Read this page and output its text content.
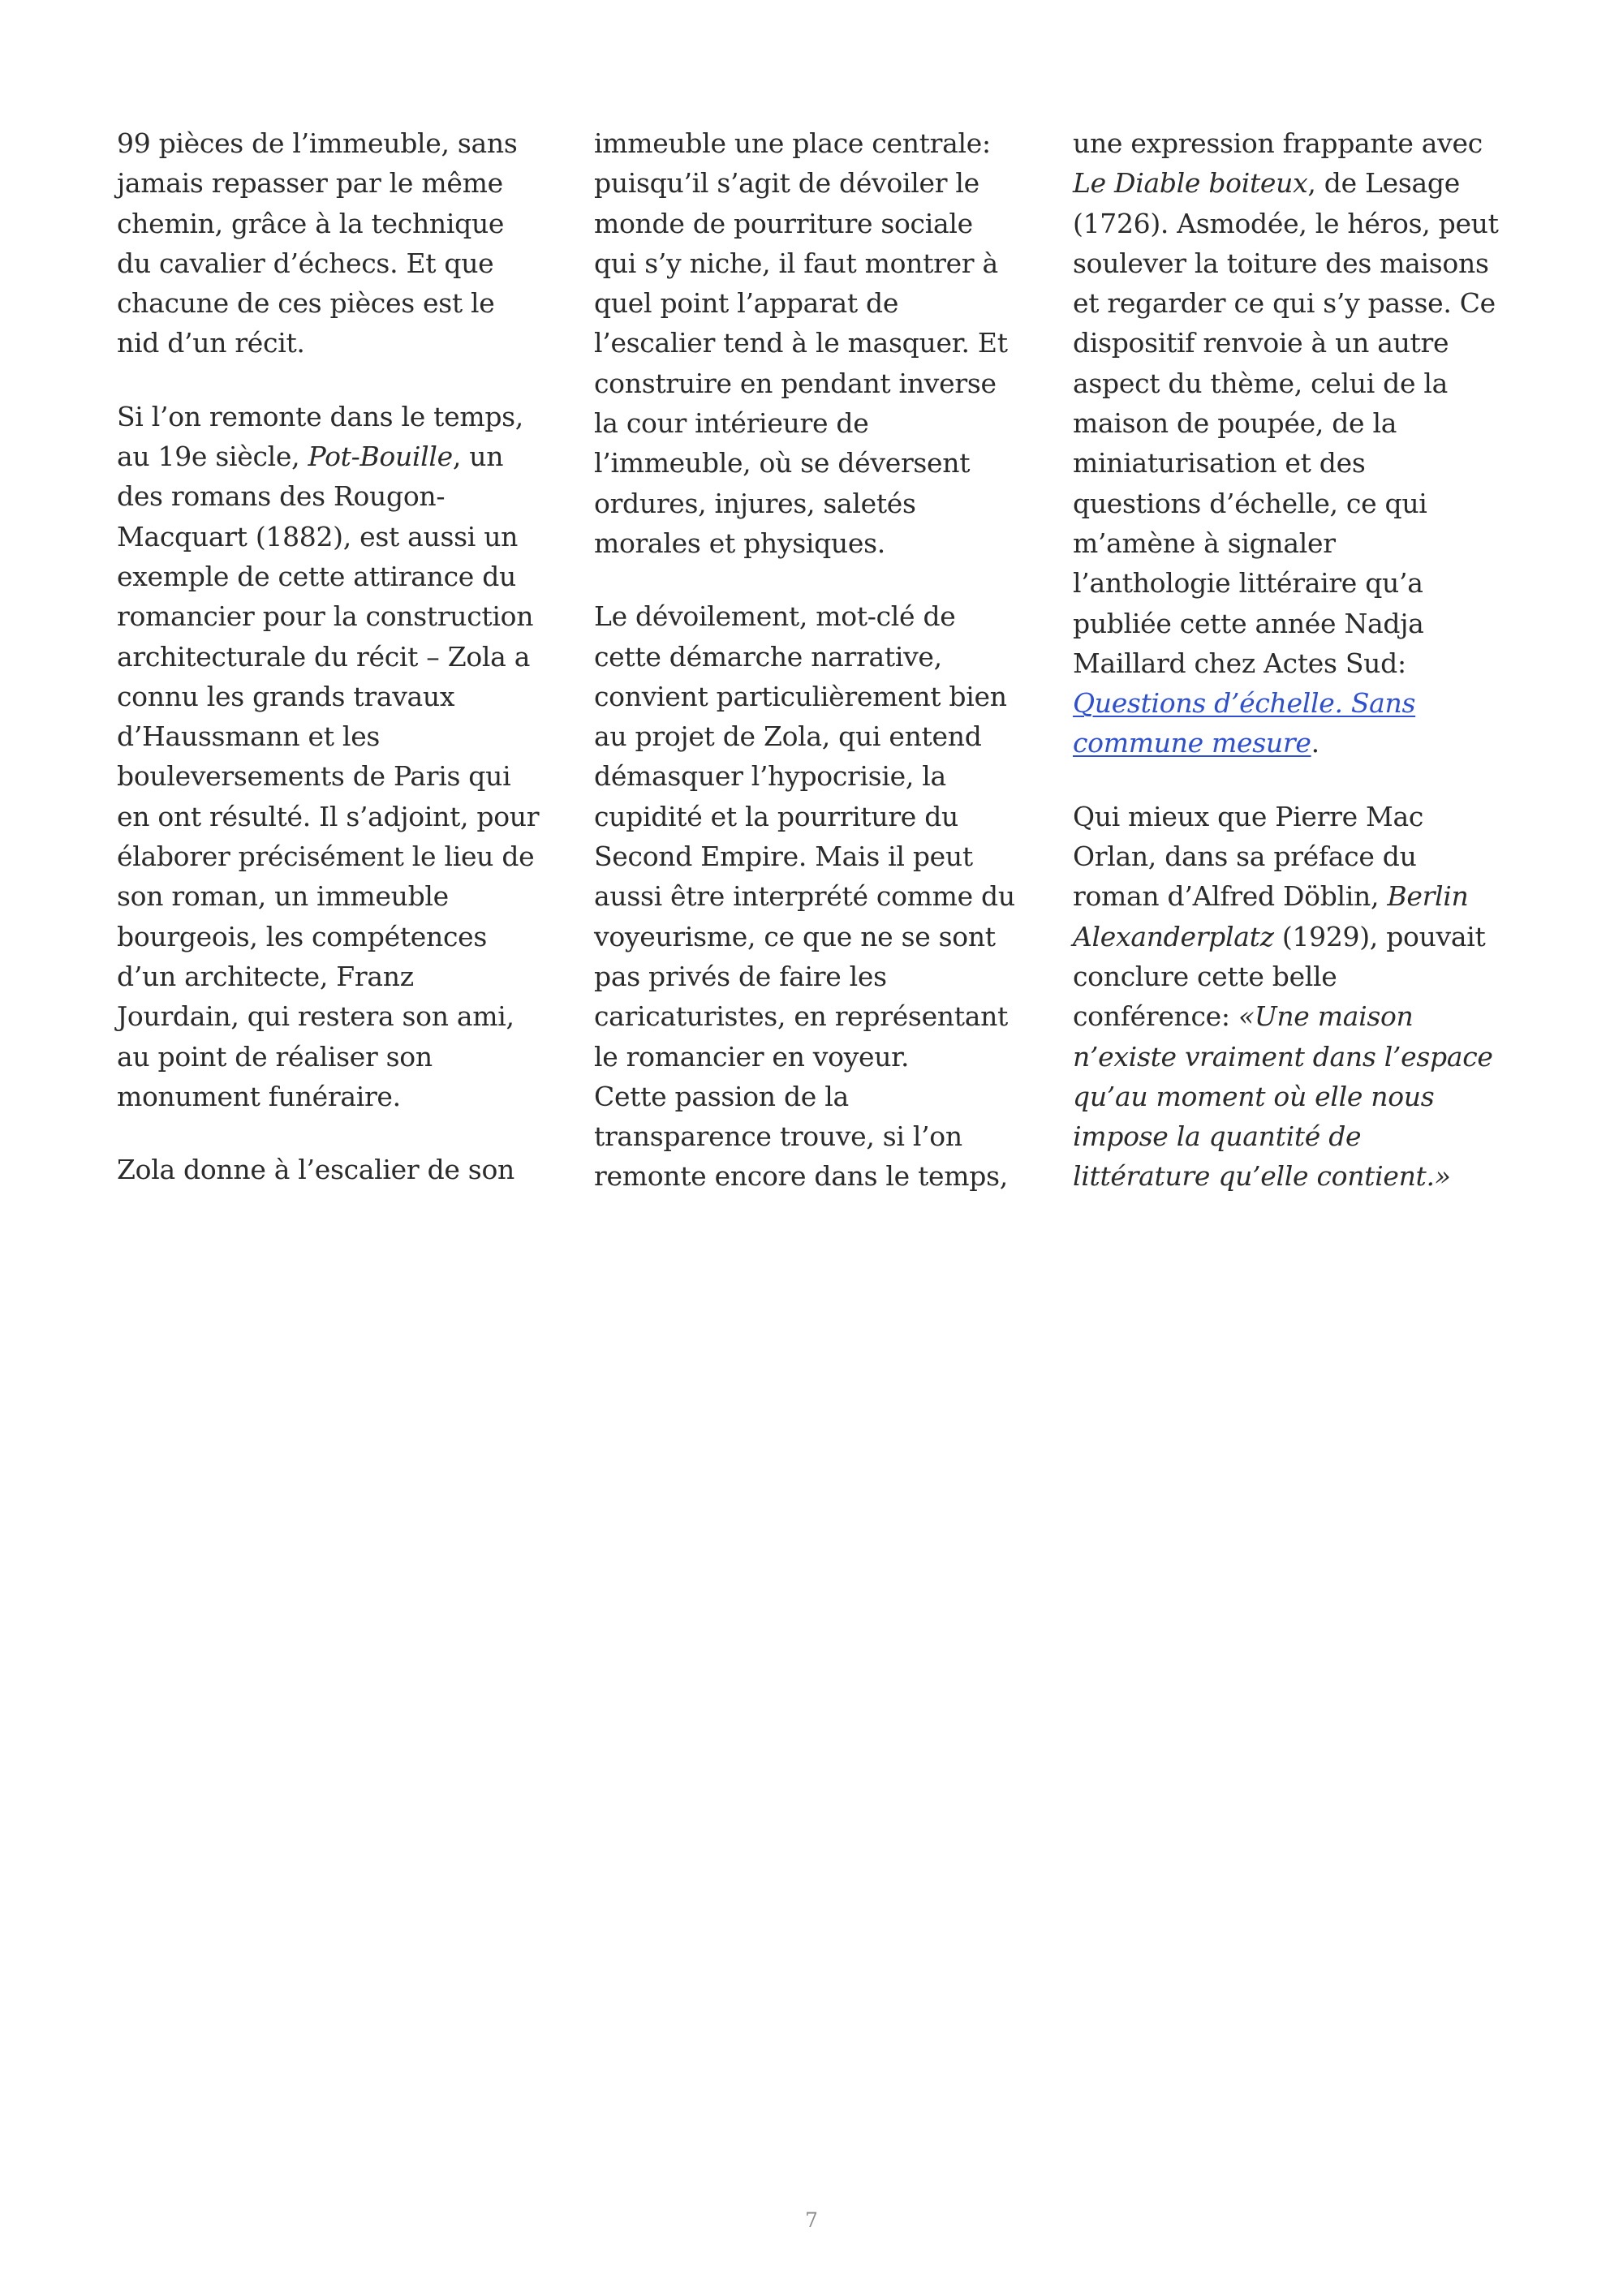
99 pièces de l’immeuble, sans
jamais repasser par le même
chemin, grâce à la technique
du cavalier d’échecs. Et que
chacune de ces pièces est le
nid d’un récit.

Si l’on remonte dans le temps,
au 19e siècle, Pot-Bouille, un
des romans des Rougon-
Macquart (1882), est aussi un
exemple de cette attirance du
romancier pour la construction
architecturale du récit – Zola a
connu les grands travaux
d’Haussmann et les
bouleversements de Paris qui
en ont résulté. Il s’adjoint, pour
élaborer précisément le lieu de
son roman, un immeuble
bourgeois, les compétences
d’un architecte, Franz
Jourdain, qui restera son ami,
au point de réaliser son
monument funéraire.

Zola donne à l’escalier de son

immeuble une place centrale:
puisqu’il s’agit de dévoiler le
monde de pourriture sociale
qui s’y niche, il faut montrer à
quel point l’apparat de
l’escalier tend à le masquer. Et
construire en pendant inverse
la cour intérieure de
l’immeuble, où se déversent
ordures, injures, saletés
morales et physiques.

Le dévoilement, mot-clé de
cette démarche narrative,
convient particulièrement bien
au projet de Zola, qui entend
démasquer l’hypocrisie, la
cupidité et la pourriture du
Second Empire. Mais il peut
aussi être interprété comme du
voyeurisme, ce que ne se sont
pas privés de faire les
caricaturistes, en représentant
le romancier en voyeur.
Cette passion de la
transparence trouve, si l’on
remonte encore dans le temps,

une expression frappante avec
Le Diable boiteux, de Lesage
(1726). Asmodée, le héros, peut
soulever la toiture des maisons
et regarder ce qui s’y passe. Ce
dispositif renvoie à un autre
aspect du thème, celui de la
maison de poupée, de la
miniaturisation et des
questions d’échelle, ce qui
m’amène à signaler
l’anthologie littéraire qu’a
publiée cette année Nadja
Maillard chez Actes Sud:
Questions d’échelle. Sans
commune mesure.

Qui mieux que Pierre Mac
Orlan, dans sa préface du
roman d’Alfred Döblin, Berlin
Alexanderplatz (1929), pouvait
conclure cette belle
conférence: «Une maison
n’existe vraiment dans l’espace
qu’au moment où elle nous
impose la quantité de
littérature qu’elle contient.»

7
